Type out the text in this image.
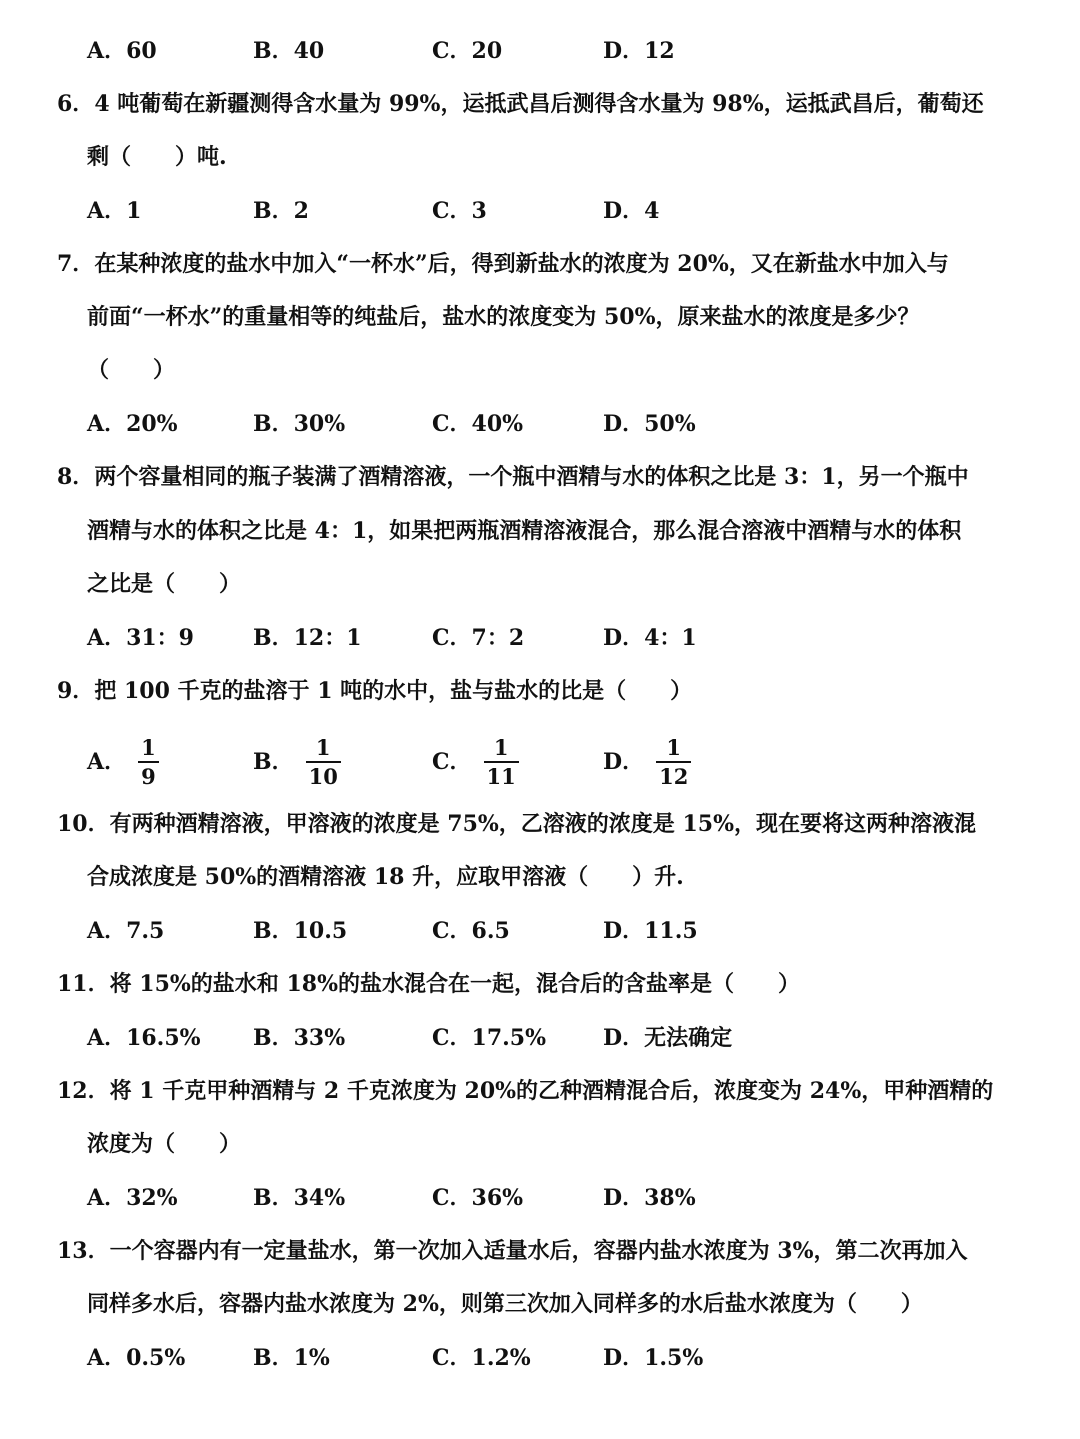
A．60	B．40	C．20	D．12
6．4 吨葡萄在新疆测得含水量为 99%，运抵武昌后测得含水量为 98%，运抵武昌后，葡萄还
剩（　　）吨.
A．1	B．2	C．3	D．4
7．在某种浓度的盐水中加入“一杯水”后，得到新盐水的浓度为 20%，又在新盐水中加入与
前面“一杯水”的重量相等的纯盐后，盐水的浓度变为 50%，原来盐水的浓度是多少？
（　　）
A．20%	B．30%	C．40%	D．50%
8．两个容量相同的瓶子装满了酒精溶液，一个瓶中酒精与水的体积之比是 3：1，另一个瓶中
酒精与水的体积之比是 4：1，如果把两瓶酒精溶液混合，那么混合溶液中酒精与水的体积
之比是（　　）
A．31：9	B．12：1	C．7：2	D．4：1
9．把 100 千克的盐溶于 1 吨的水中，盐与盐水的比是（　　）
A． $\frac{1}{9}$	B． $\frac{1}{10}$	C． $\frac{1}{11}$	D． $\frac{1}{12}$
10．有两种酒精溶液，甲溶液的浓度是 75%，乙溶液的浓度是 15%，现在要将这两种溶液混
合成浓度是 50%的酒精溶液 18 升，应取甲溶液（　　）升.
A．7.5	B．10.5	C．6.5	D．11.5
11．将 15%的盐水和 18%的盐水混合在一起，混合后的含盐率是（　　）
A．16.5% B．33%	C．17.5%	D．无法确定
12．将 1 千克甲种酒精与 2 千克浓度为 20%的乙种酒精混合后，浓度变为 24%，甲种酒精的
浓度为（　　）
A．32%	B．34%	C．36%	D．38%
13．一个容器内有一定量盐水，第一次加入适量水后，容器内盐水浓度为 3%，第二次再加入
同样多水后，容器内盐水浓度为 2%，则第三次加入同样多的水后盐水浓度为（　　）
A．0.5%	B．1%	C．1.2%	D．1.5%
